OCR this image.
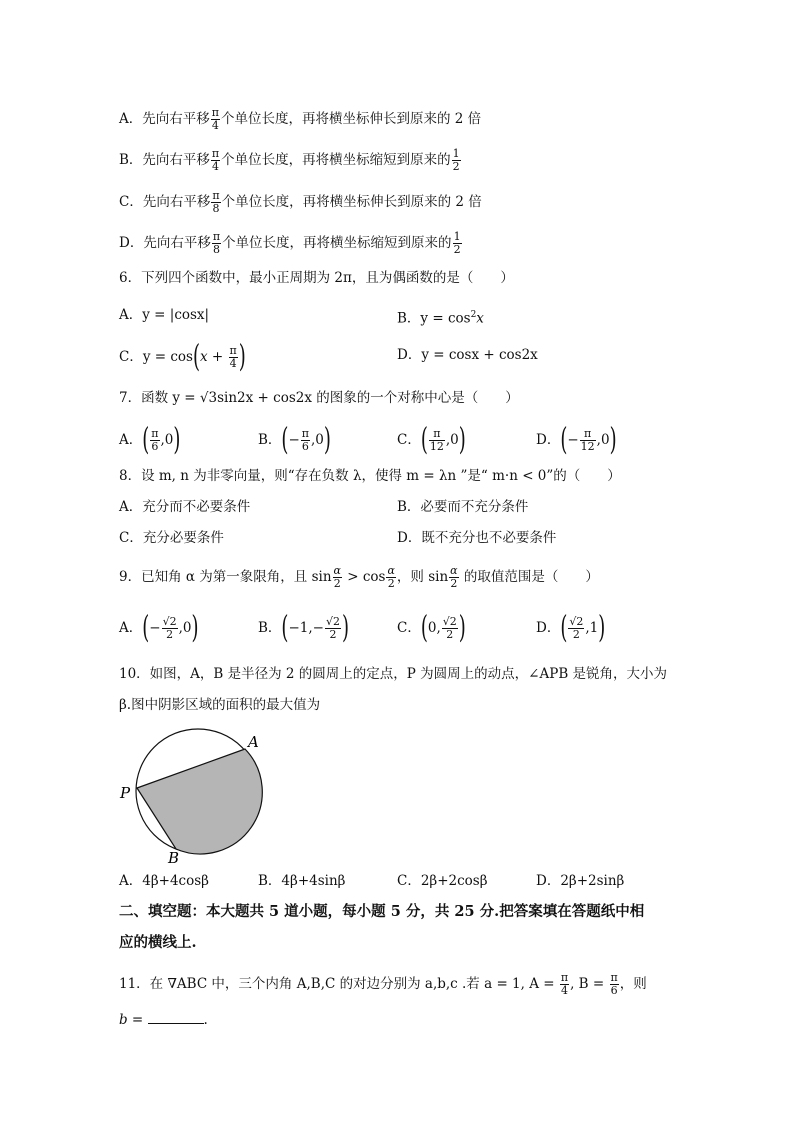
A．先向右平移 $\frac{\pi}{4}$ 个单位长度，再将横坐标伸长到原来的 2 倍
B．先向右平移 $\frac{\pi}{4}$ 个单位长度，再将横坐标缩短到原来的 $\frac{1}{2}$
C．先向右平移 $\frac{\pi}{8}$ 个单位长度，再将横坐标伸长到原来的 2 倍
D．先向右平移 $\frac{\pi}{8}$ 个单位长度，再将横坐标缩短到原来的 $\frac{1}{2}$
6．下列四个函数中，最小正周期为 2π，且为偶函数的是（　　）
A．y = |cosx|	B．$y = \cos^2x$
C．$y = \cos(x + \frac{\pi}{4}$ )	D．y = cosx + cos2x
7．函数 y = √3sin2x + cos2x 的图象的一个对称中心是（　　）
A．( $\frac{\pi}{6} ,0$)	B．(− $\frac{\pi}{6} ,0$)	C．( $\frac{\pi}{12} ,0$)	D．(− $\frac{\pi}{12} ,0$)
8．设 m, n 为非零向量，则“存在负数 λ，使得 m = λn ”是“ m·n < 0”的（　　）
A．充分而不必要条件	B．必要而不充分条件
C．充分必要条件	D．既不充分也不必要条件
9．已知角 α 为第一象限角，且 $\sin \frac{\alpha}{2} > \cos \frac{\alpha}{2}$ ，则 $\sin \frac{\alpha}{2}$ 的取值范围是（　　）
A．(− $\frac{√2}{2} ,0$)	B．($-1,- \frac{√2}{2}$ )	C．(0, $\frac{√2}{2}$ )	D．( $\frac{√2}{2} ,1$)
10．如图，A，B 是半径为 2 的圆周上的定点，P 为圆周上的动点，∠APB 是锐角，大小为
β.图中阴影区域的面积的最大值为
A
P
B
A．4β+4cosβ	B．4β+4sinβ	C．2β+2cosβ	D．2β+2sinβ
二、填空题：本大题共 5 道小题，每小题 5 分，共 25 分.把答案填在答题纸中相
应的横线上.
11．在 ∇ABC 中，三个内角 A,B,C 的对边分别为 a,b,c .若 a = 1, $A = \frac{\pi}{4}$ , $B = \frac{\pi}{6}$ ，则
b =	.
